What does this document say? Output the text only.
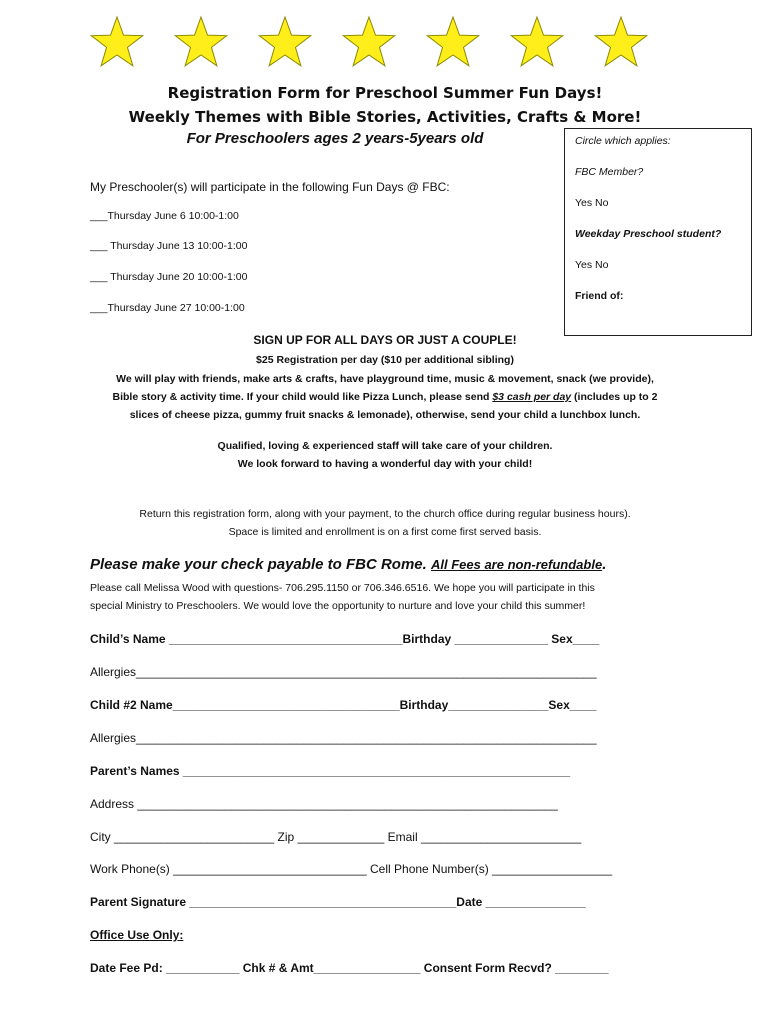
Registration Form for Preschool Summer Fun Days!
Weekly Themes with Bible Stories, Activities, Crafts & More!
For Preschoolers ages 2 years-5years old	Circle which applies:
FBC Member?
Yes No
Weekday Preschool student?
Yes No
Friend of:
My Preschooler(s) will participate in the following Fun Days @ FBC:
___Thursday June 6 10:00-1:00
___ Thursday June 13 10:00-1:00
___ Thursday June 20 10:00-1:00
___Thursday June 27 10:00-1:00
SIGN UP FOR ALL DAYS OR JUST A COUPLE!
$25 Registration per day ($10 per additional sibling)
We will play with friends, make arts & crafts, have playground time, music & movement, snack (we provide),
Bible story & activity time. If your child would like Pizza Lunch, please send $3 cash per day (includes up to 2
slices of cheese pizza, gummy fruit snacks & lemonade), otherwise, send your child a lunchbox lunch.
Qualified, loving & experienced staff will take care of your children.
We look forward to having a wonderful day with your child!
Return this registration form, along with your payment, to the church office during regular business hours).
Space is limited and enrollment is on a first come first served basis.
Please make your check payable to FBC Rome. All Fees are non-refundable.
Please call Melissa Wood with questions- 706.295.1150 or 706.346.6516. We hope you will participate in this
special Ministry to Preschoolers. We would love the opportunity to nurture and love your child this summer!
Child’s Name ___________________________________Birthday ______________ Sex____
Allergies_____________________________________________________________________
Child #2 Name__________________________________Birthday_______________Sex____
Allergies_____________________________________________________________________
Parent’s Names __________________________________________________________
Address _______________________________________________________________
City ________________________ Zip _____________ Email ________________________
Work Phone(s) _____________________________ Cell Phone Number(s) __________________
Parent Signature ________________________________________Date _______________
Office Use Only:
Date Fee Pd: ___________ Chk # & Amt________________ Consent Form Recvd? ________
